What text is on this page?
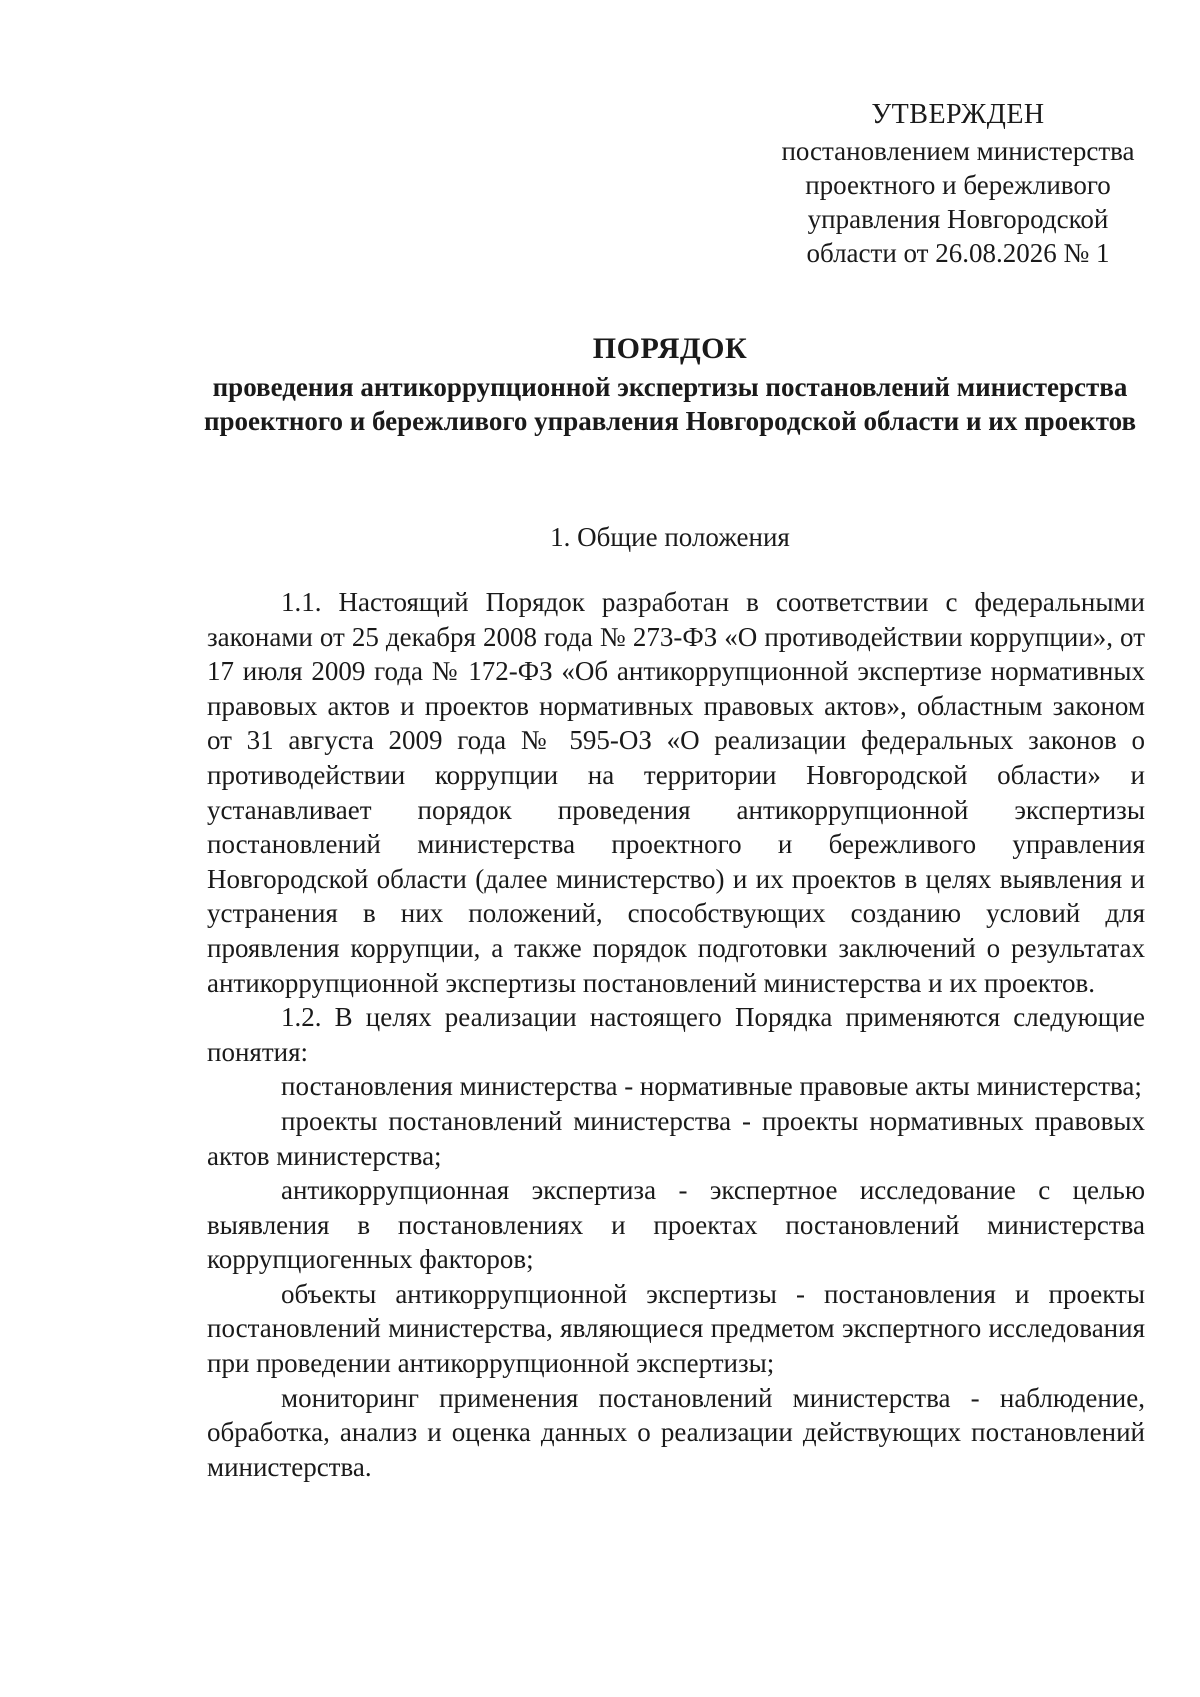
УТВЕРЖДЕН
постановлением министерства
проектного и бережливого
управления Новгородской
области от 26.08.2026 № 1
ПОРЯДОК
проведения антикоррупционной экспертизы постановлений министерства проектного и бережливого управления Новгородской области и их проектов
1. Общие положения

1.1. Настоящий Порядок разработан в соответствии с федеральными законами от 25 декабря 2008 года № 273-ФЗ «О противодействии коррупции», от 17 июля 2009 года № 172-ФЗ «Об антикоррупционной экспертизе нормативных правовых актов и проектов нормативных правовых актов», областным законом от 31 августа 2009 года № 595-ОЗ «О реализации федеральных законов о противодействии коррупции на территории Новгородской области» и устанавливает порядок проведения антикоррупционной экспертизы постановлений министерства проектного и бережливого управления Новгородской области (далее министерство) и их проектов в целях выявления и устранения в них положений, способствующих созданию условий для проявления коррупции, а также порядок подготовки заключений о результатах антикоррупционной экспертизы постановлений министерства и их проектов.

1.2. В целях реализации настоящего Порядка применяются следующие понятия:

постановления министерства - нормативные правовые акты министерства;

проекты постановлений министерства - проекты нормативных правовых актов министерства;

антикоррупционная экспертиза - экспертное исследование с целью выявления в постановлениях и проектах постановлений министерства коррупциогенных факторов;

объекты антикоррупционной экспертизы - постановления и проекты постановлений министерства, являющиеся предметом экспертного исследования при проведении антикоррупционной экспертизы;

мониторинг применения постановлений министерства - наблюдение, обработка, анализ и оценка данных о реализации действующих постановлений министерства.
